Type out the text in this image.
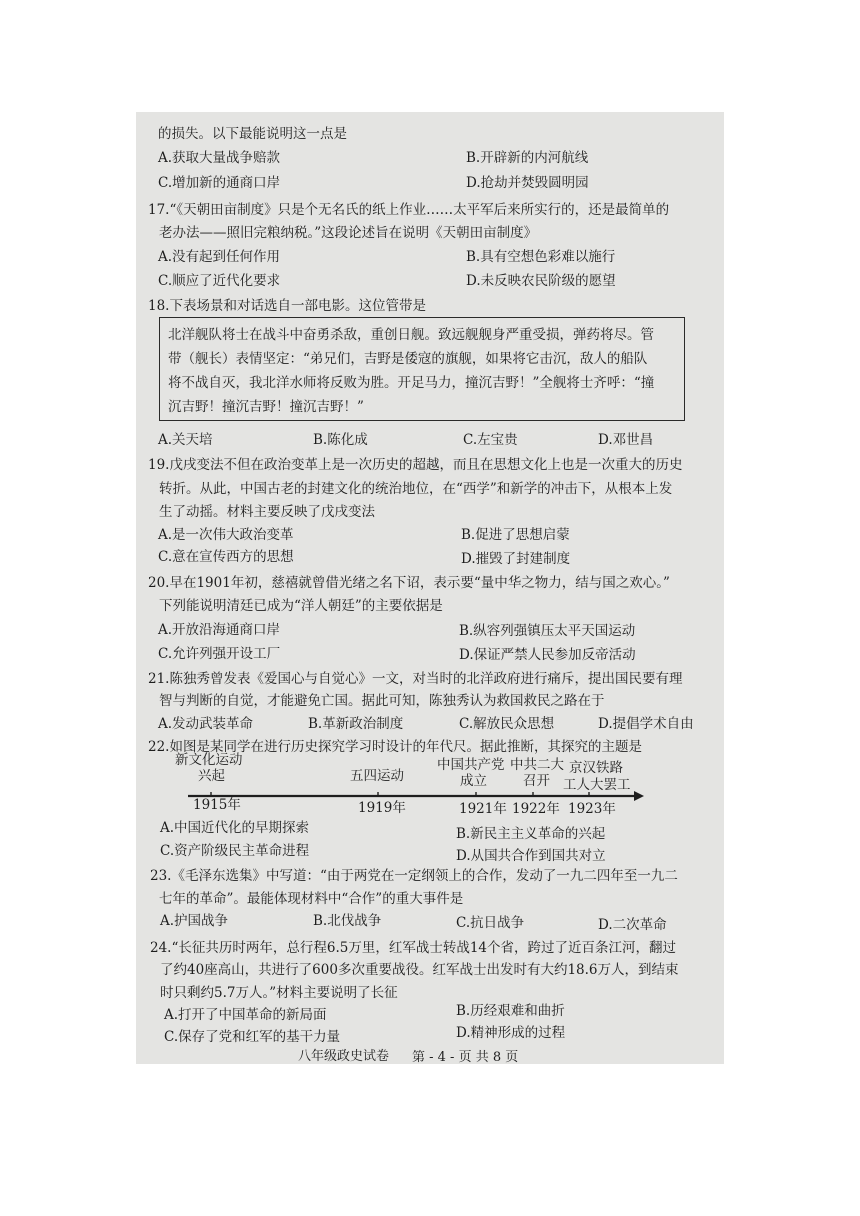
的损失。以下最能说明这一点是
A.获取大量战争赔款	B.开辟新的内河航线
C.增加新的通商口岸	D.抢劫并焚毁圆明园
17.“《天朝田亩制度》只是个无名氏的纸上作业……太平军后来所实行的，还是最简单的
老办法——照旧完粮纳税。”这段论述旨在说明《天朝田亩制度》
A.没有起到任何作用	B.具有空想色彩难以施行
C.顺应了近代化要求	D.未反映农民阶级的愿望
18.下表场景和对话选自一部电影。这位管带是
北洋舰队将士在战斗中奋勇杀敌，重创日舰。致远舰舰身严重受损，弹药将尽。管
带（舰长）表情坚定：“弟兄们，吉野是倭寇的旗舰，如果将它击沉，敌人的船队
将不战自灭，我北洋水师将反败为胜。开足马力，撞沉吉野！”全舰将士齐呼：“撞
沉吉野！撞沉吉野！撞沉吉野！”
A.关天培	B.陈化成	C.左宝贵	D.邓世昌
19.戊戌变法不但在政治变革上是一次历史的超越，而且在思想文化上也是一次重大的历史
转折。从此，中国古老的封建文化的统治地位，在“西学”和新学的冲击下，从根本上发
生了动摇。材料主要反映了戊戌变法
A.是一次伟大政治变革	B.促进了思想启蒙
C.意在宣传西方的思想	D.摧毁了封建制度
20.早在1901年初，慈禧就曾借光绪之名下诏，表示要“量中华之物力，结与国之欢心。”
下列能说明清廷已成为“洋人朝廷”的主要依据是
A.开放沿海通商口岸	B.纵容列强镇压太平天国运动
C.允许列强开设工厂	D.保证严禁人民参加反帝活动
21.陈独秀曾发表《爱国心与自觉心》一文，对当时的北洋政府进行痛斥，提出国民要有理
智与判断的自觉，才能避免亡国。据此可知，陈独秀认为救国救民之路在于
A.发动武装革命	B.革新政治制度	C.解放民众思想	D.提倡学术自由
22.如图是某同学在进行历史探究学习时设计的年代尺。据此推断，其探究的主题是
新文化运动
兴起	五四运动
中国共产党
成立
中共二大
召开
京汉铁路
工人大罢工
1915年	1919年	1921年 1922年 1923年
A.中国近代化的早期探索	B.新民主主义革命的兴起
C.资产阶级民主革命进程	D.从国共合作到国共对立
23.《毛泽东选集》中写道：“由于两党在一定纲领上的合作，发动了一九二四年至一九二
七年的革命”。最能体现材料中“合作”的重大事件是
A.护国战争	B.北伐战争	C.抗日战争	D.二次革命
24.“长征共历时两年，总行程6.5万里，红军战士转战14个省，跨过了近百条江河，翻过
了约40座高山，共进行了600多次重要战役。红军战士出发时有大约18.6万人，到结束
时只剩约5.7万人。”材料主要说明了长征
A.打开了中国革命的新局面	B.历经艰难和曲折
C.保存了党和红军的基干力量	D.精神形成的过程
八年级政史试卷 第 - 4 - 页 共 8 页
